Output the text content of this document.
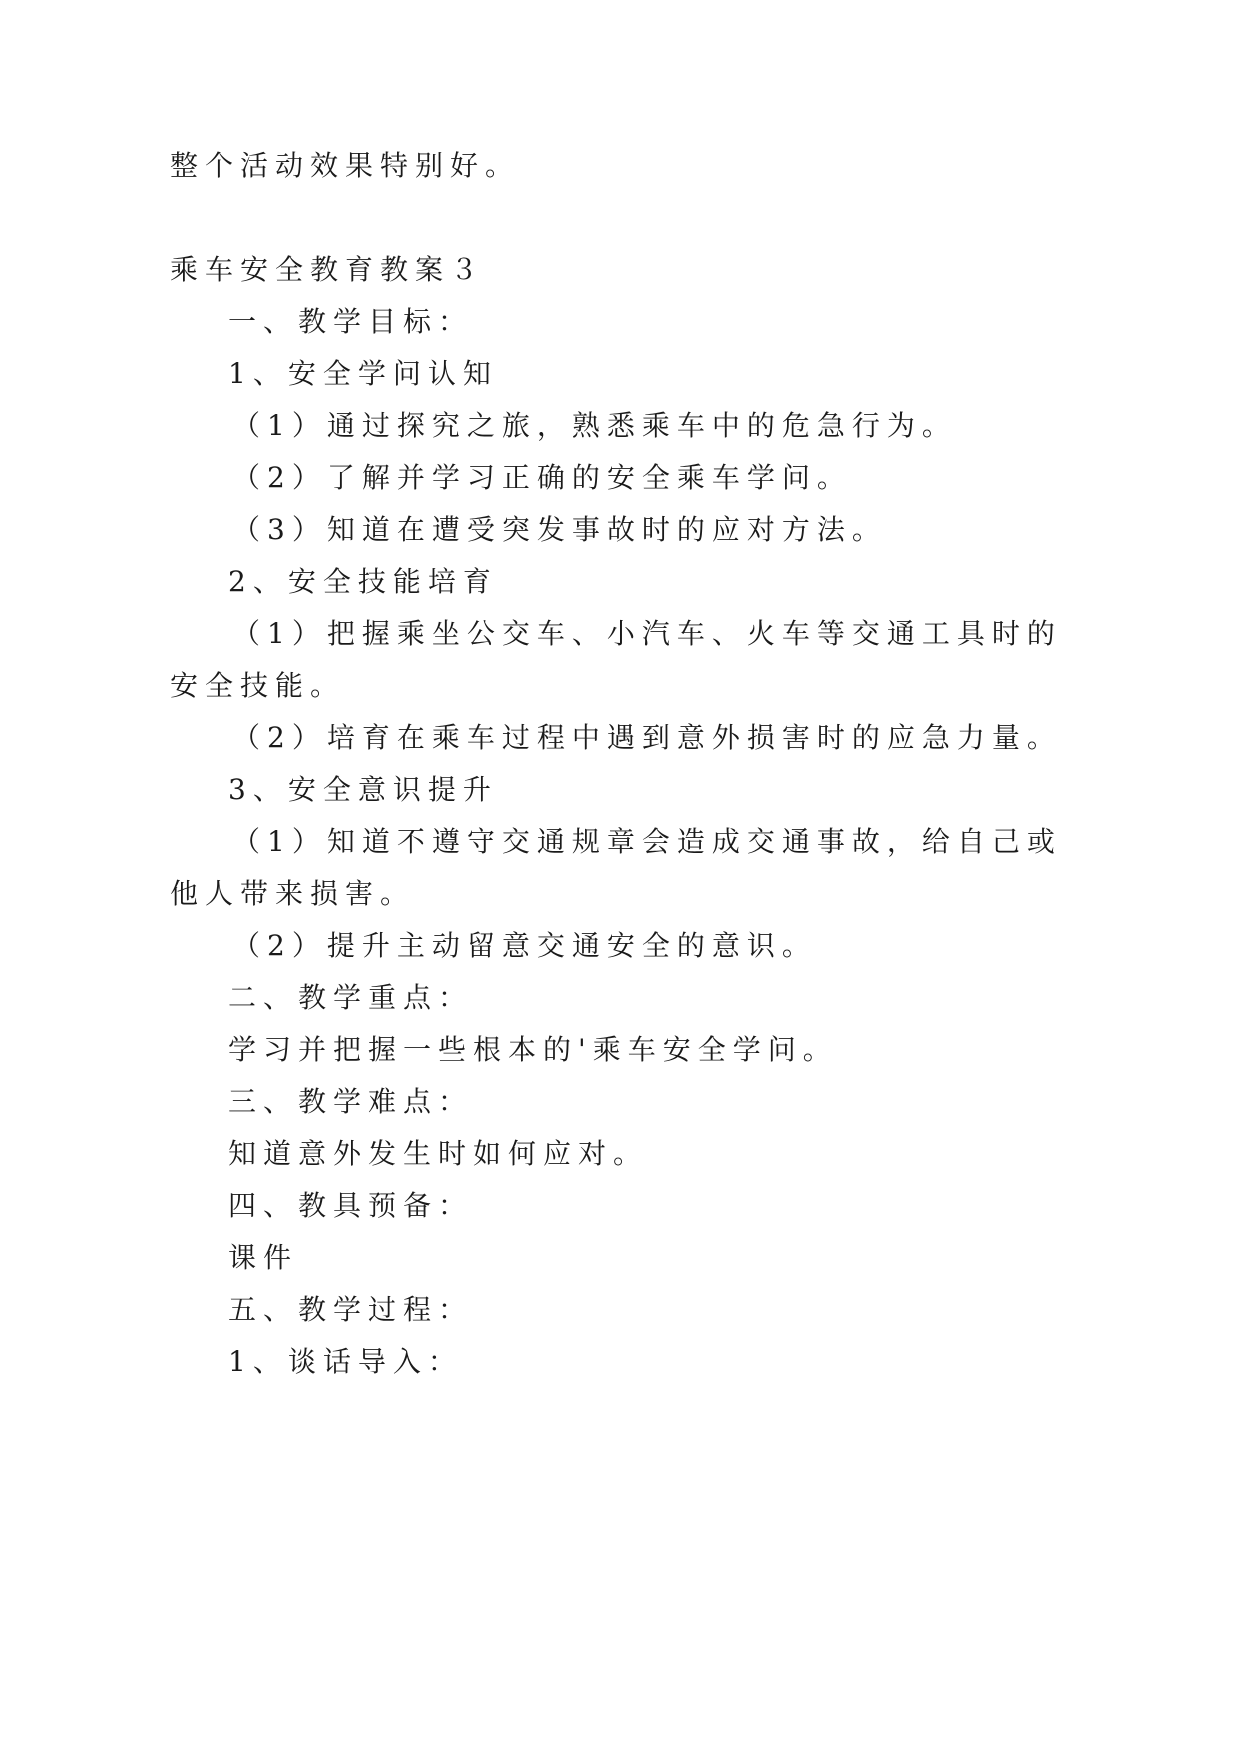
整个活动效果特别好。
乘车安全教育教案３
一、教学目标：
1、安全学问认知
（1）通过探究之旅，熟悉乘车中的危急行为。
（2）了解并学习正确的安全乘车学问。
（3）知道在遭受突发事故时的应对方法。
2、安全技能培育
（1）把握乘坐公交车、小汽车、火车等交通工具时的
安全技能。
（2）培育在乘车过程中遇到意外损害时的应急力量。
3、安全意识提升
（1）知道不遵守交通规章会造成交通事故，给自己或
他人带来损害。
（2）提升主动留意交通安全的意识。
二、教学重点：
学习并把握一些根本的'乘车安全学问。
三、教学难点：
知道意外发生时如何应对。
四、教具预备：
课件
五、教学过程：
1、谈话导入：
